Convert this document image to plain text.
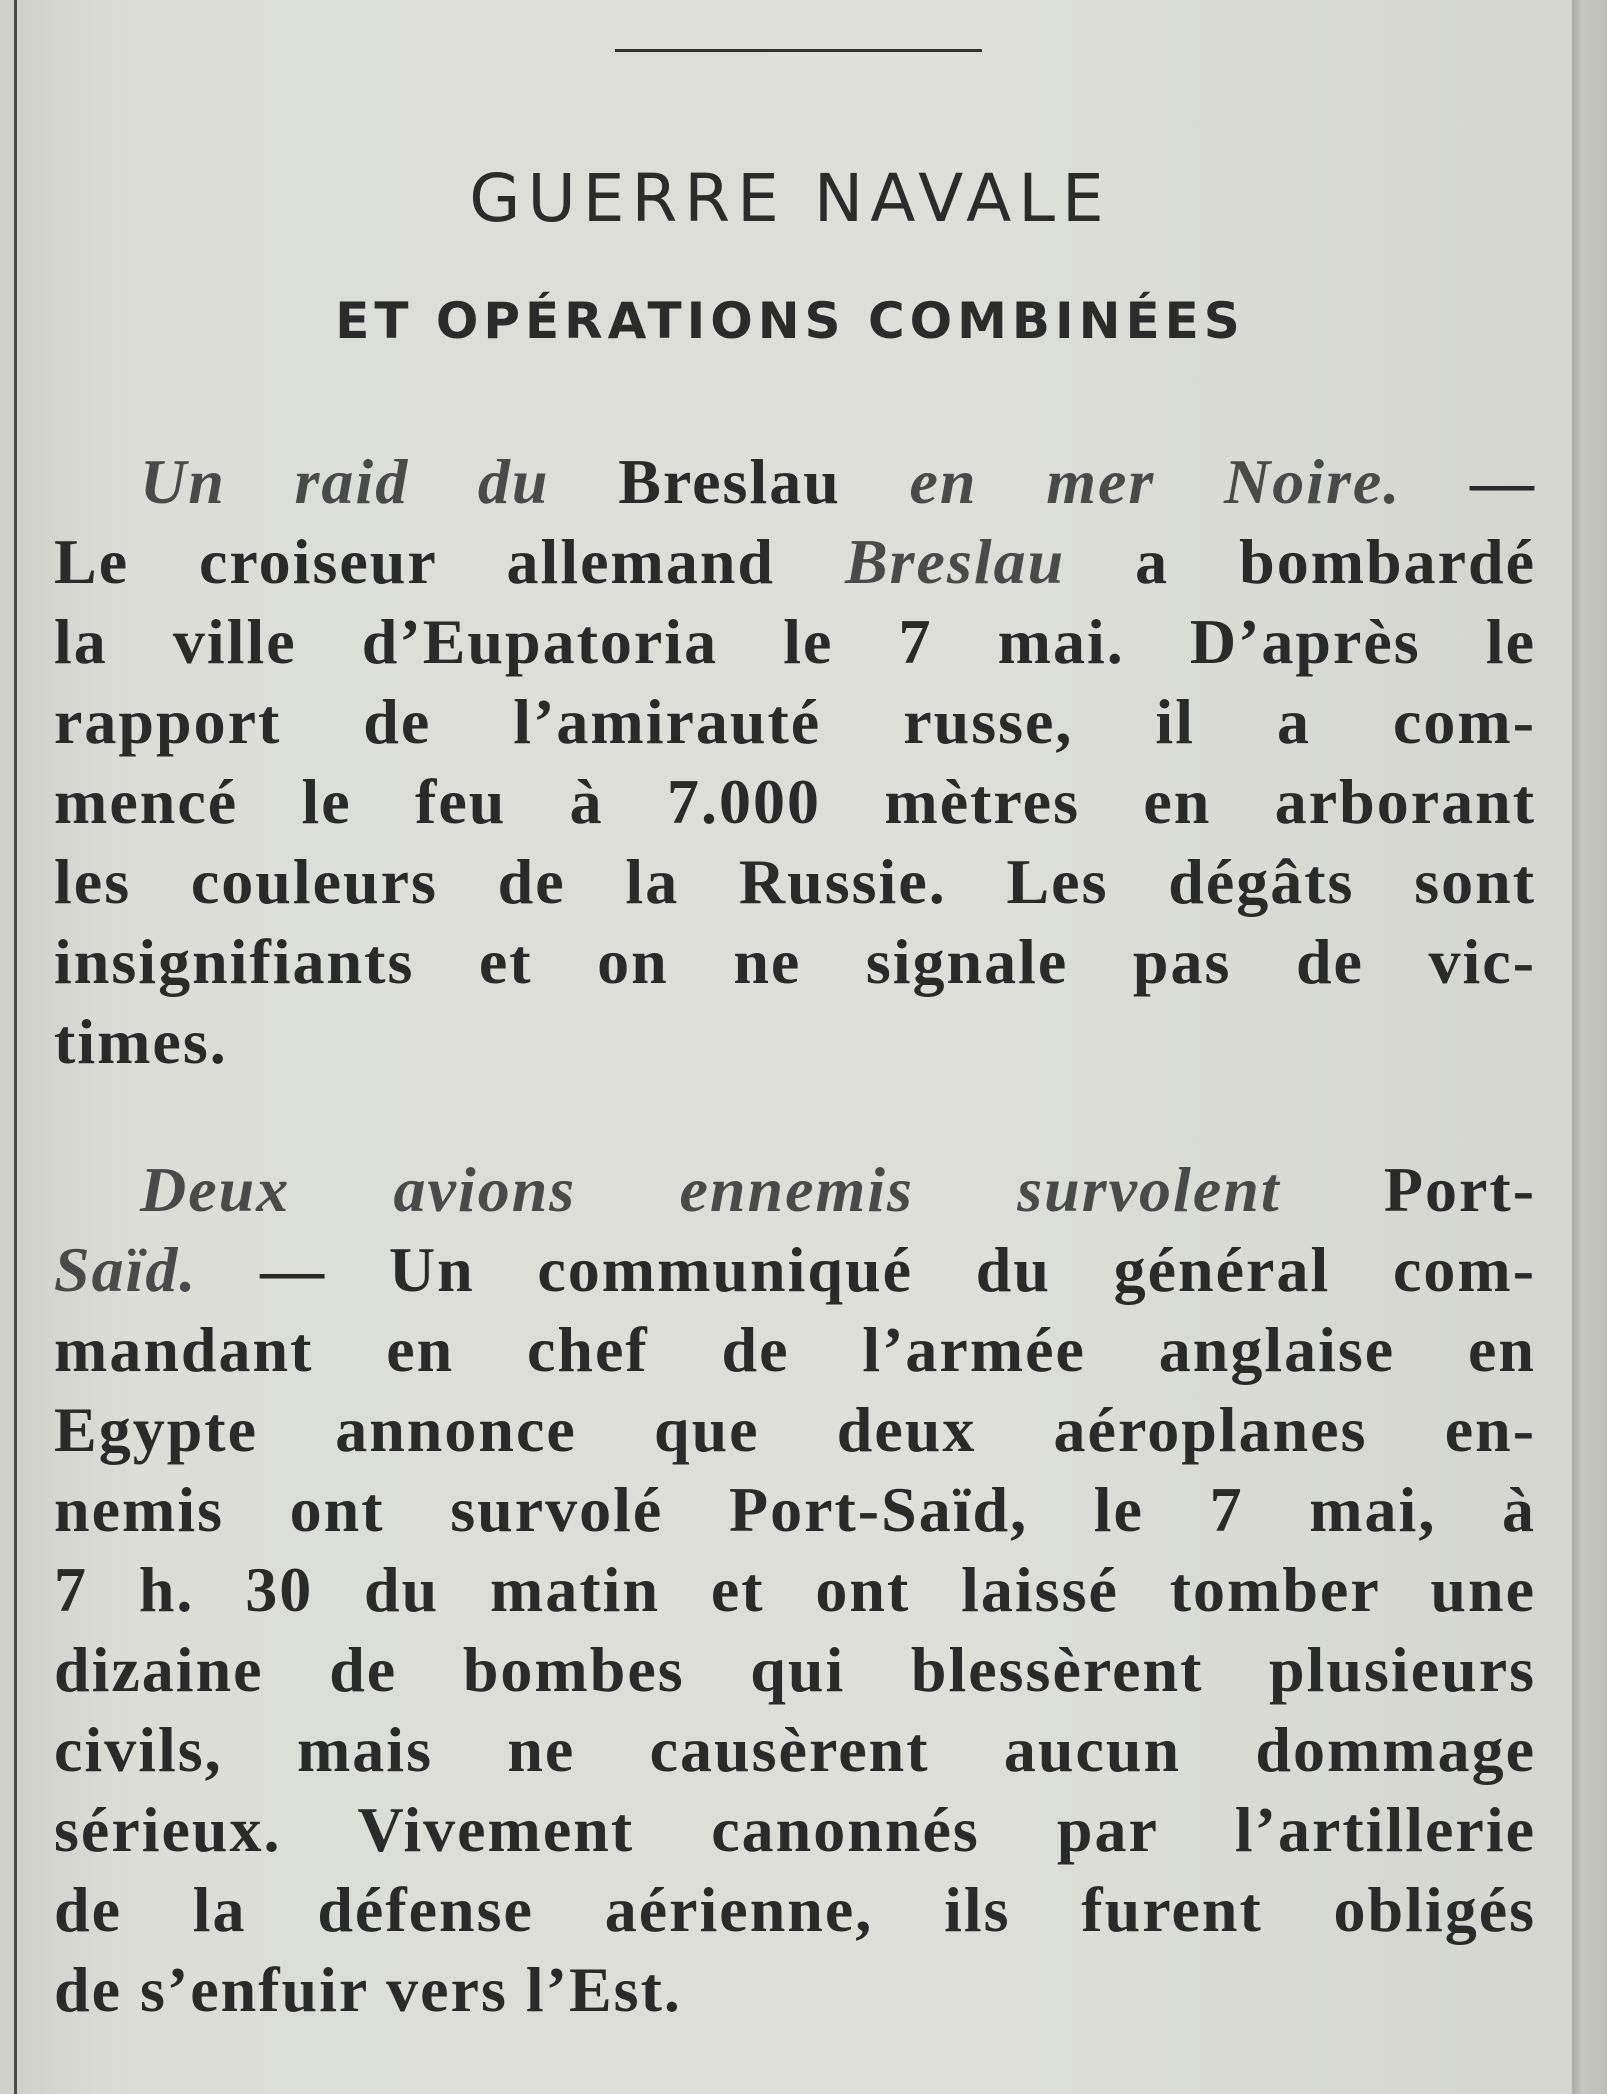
GUERRE NAVALE
ET OPÉRATIONS COMBINÉES
Un raid du Breslau en mer Noire. —
Le croiseur allemand Breslau a bombardé
la ville d’Eupatoria le 7 mai. D’après le
rapport de l’amirauté russe, il a com-
mencé le feu à 7.000 mètres en arborant
les couleurs de la Russie. Les dégâts sont
insignifiants et on ne signale pas de vic-
times.
Deux avions ennemis survolent Port-
Saïd. — Un communiqué du général com-
mandant en chef de l’armée anglaise en
Egypte annonce que deux aéroplanes en-
nemis ont survolé Port-Saïd, le 7 mai, à
7 h. 30 du matin et ont laissé tomber une
dizaine de bombes qui blessèrent plusieurs
civils, mais ne causèrent aucun dommage
sérieux. Vivement canonnés par l’artillerie
de la défense aérienne, ils furent obligés
de s’enfuir vers l’Est.
